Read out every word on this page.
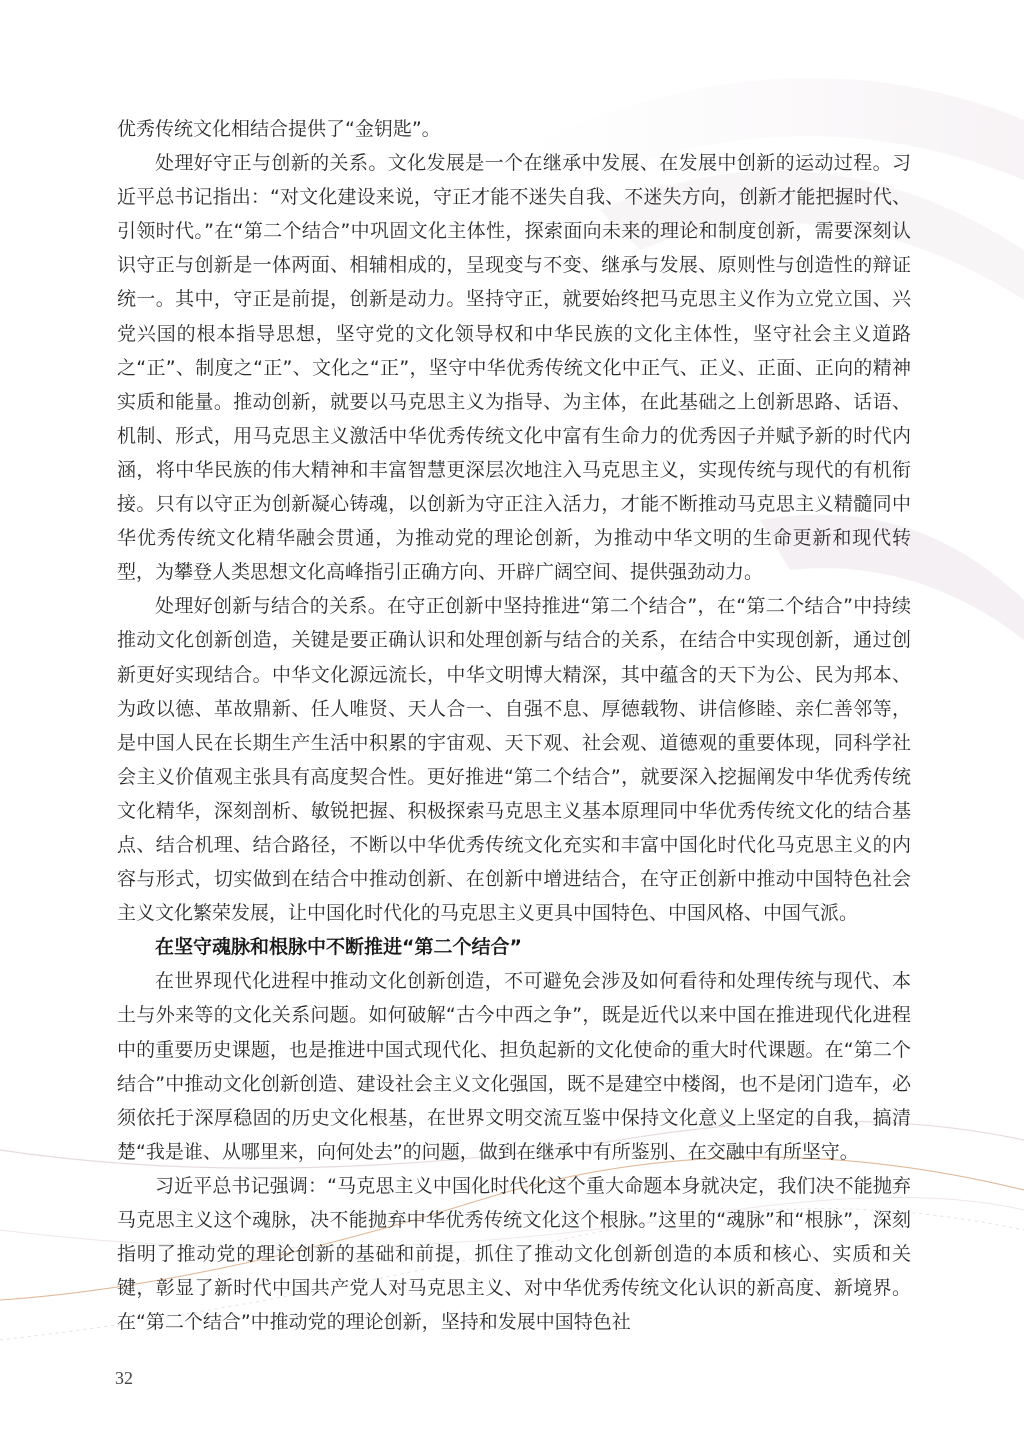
优秀传统文化相结合提供了“金钥匙”。

处理好守正与创新的关系。文化发展是一个在继承中发展、在发展中创新的运动过程。习近平总书记指出：“对文化建设来说，守正才能不迷失自我、不迷失方向，创新才能把握时代、引领时代。”在“第二个结合”中巩固文化主体性，探索面向未来的理论和制度创新，需要深刻认识守正与创新是一体两面、相辅相成的，呈现变与不变、继承与发展、原则性与创造性的辩证统一。其中，守正是前提，创新是动力。坚持守正，就要始终把马克思主义作为立党立国、兴党兴国的根本指导思想，坚守党的文化领导权和中华民族的文化主体性，坚守社会主义道路之“正”、制度之“正”、文化之“正”，坚守中华优秀传统文化中正气、正义、正面、正向的精神实质和能量。推动创新，就要以马克思主义为指导、为主体，在此基础之上创新思路、话语、机制、形式，用马克思主义激活中华优秀传统文化中富有生命力的优秀因子并赋予新的时代内涵，将中华民族的伟大精神和丰富智慧更深层次地注入马克思主义，实现传统与现代的有机衔接。只有以守正为创新凝心铸魂，以创新为守正注入活力，才能不断推动马克思主义精髓同中华优秀传统文化精华融会贯通，为推动党的理论创新，为推动中华文明的生命更新和现代转型，为攀登人类思想文化高峰指引正确方向、开辟广阔空间、提供强劲动力。

处理好创新与结合的关系。在守正创新中坚持推进“第二个结合”，在“第二个结合”中持续推动文化创新创造，关键是要正确认识和处理创新与结合的关系，在结合中实现创新，通过创新更好实现结合。中华文化源远流长，中华文明博大精深，其中蕴含的天下为公、民为邦本、为政以德、革故鼎新、任人唯贤、天人合一、自强不息、厚德载物、讲信修睦、亲仁善邻等，是中国人民在长期生产生活中积累的宇宙观、天下观、社会观、道德观的重要体现，同科学社会主义价值观主张具有高度契合性。更好推进“第二个结合”，就要深入挖掘阐发中华优秀传统文化精华，深刻剖析、敏锐把握、积极探索马克思主义基本原理同中华优秀传统文化的结合基点、结合机理、结合路径，不断以中华优秀传统文化充实和丰富中国化时代化马克思主义的内容与形式，切实做到在结合中推动创新、在创新中增进结合，在守正创新中推动中国特色社会主义文化繁荣发展，让中国化时代化的马克思主义更具中国特色、中国风格、中国气派。

在坚守魂脉和根脉中不断推进“第二个结合”

在世界现代化进程中推动文化创新创造，不可避免会涉及如何看待和处理传统与现代、本土与外来等的文化关系问题。如何破解“古今中西之争”，既是近代以来中国在推进现代化进程中的重要历史课题，也是推进中国式现代化、担负起新的文化使命的重大时代课题。在“第二个结合”中推动文化创新创造、建设社会主义文化强国，既不是建空中楼阁，也不是闭门造车，必须依托于深厚稳固的历史文化根基，在世界文明交流互鉴中保持文化意义上坚定的自我，搞清楚“我是谁、从哪里来，向何处去”的问题，做到在继承中有所鉴别、在交融中有所坚守。

习近平总书记强调：“马克思主义中国化时代化这个重大命题本身就决定，我们决不能抛弃马克思主义这个魂脉，决不能抛弃中华优秀传统文化这个根脉。”这里的“魂脉”和“根脉”，深刻指明了推动党的理论创新的基础和前提，抓住了推动文化创新创造的本质和核心、实质和关键，彰显了新时代中国共产党人对马克思主义、对中华优秀传统文化认识的新高度、新境界。在“第二个结合”中推动党的理论创新，坚持和发展中国特色社

32
